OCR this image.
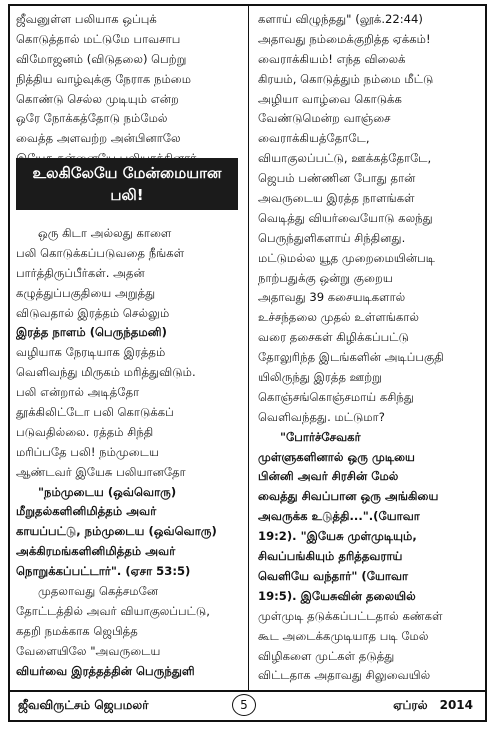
ஜீவனுள்ள பலியாக ஒப்புக்
கொடுத்தால் மட்டுமே பாவசாப
விமோஜனம் (விடுதலை) பெற்று
நித்திய வாழ்வுக்கு நேராக நம்மை
கொண்டு செல்ல முடியும் என்ற
ஒரே நோக்கத்தோடு நம்மேல்
வைத்த அளவற்ற அன்பினாலே
உலகிலேயே மேன்மையான
பலி!
ஒரு கிடா அல்லது காளை
பலி கொடுக்கப்படுவதை நீங்கள்
பார்த்திருப்பீர்கள். அதன்
கழுத்துப்பகுதியை அறுத்து
விடுவதால் இரத்தம் செல்லும்
இரத்த நாளம் (பெருந்தமனி)
வழியாக நேரடியாக இரத்தம்
வெளிவந்து மிருகம் மரித்துவிடும்.
பலி என்றால் அடித்தோ
தூக்கிலிட்டோ பலி கொடுக்கப்
படுவதில்லை. ரத்தம் சிந்தி
மரிப்பதே பலி! நம்முடைய
ஆண்டவர் இயேசு பலியானதோ
"நம்முடைய (ஒவ்வொரு)
மீறுதல்களினிமித்தம் அவர்
காயப்பட்டு, நம்முடைய (ஒவ்வொரு)
அக்கிரமங்களினிமித்தம் அவர்
நொறுக்கப்பட்டார்". (ஏசா 53:5)
முதலாவது கெத்சமனே
தோட்டத்தில் அவர் வியாகுலப்பட்டு,
கதறி நமக்காக ஜெபித்த
வேளையிலே "அவருடைய
வியர்வை இரத்தத்தின் பெருந்துளி
களாய் விழுந்தது" (லூக்.22:44)
அதாவது நம்மைக்குறித்த ஏக்கம்!
வைராக்கியம்! எந்த விலைக்
கிரயம், கொடுத்தும் நம்மை மீட்டு
அழியா வாழ்வை கொடுக்க
வேண்டுமென்ற வாஞ்சை
வைராக்கியத்தோடே,
வியாகுலப்பட்டு, ஊக்கத்தோடே,
ஜெபம் பண்ணின போது தான்
அவருடைய இரத்த நாளங்கள்
வெடித்து வியர்வையோடு கலந்து
பெருந்துளிகளாய் சிந்தினது.
மட்டுமல்ல யூத முறைமையின்படி
நாற்பதுக்கு ஒன்று குறைய
அதாவது 39 கசையடிகளால்
உச்சந்தலை முதல் உள்ளங்கால்
வரை தசைகள் கிழிக்கப்பட்டு
தோலுரிந்த இடங்களின் அடிப்பகுதி
யிலிருந்து இரத்த ஊற்று
கொஞ்சங்கொஞ்சமாய் கசிந்து
வெளிவந்தது. மட்டுமா?
"போர்ச்சேவகர்
முள்ளுகளினால் ஒரு முடியை
பின்னி அவர் சிரசின் மேல்
வைத்து சிவப்பான ஒரு அங்கியை
அவருக்க உடுத்தி...".(யோவா
19:2). "இயேசு முள்முடியும்,
சிவப்பங்கியும் தரித்தவராய்
வெளியே வந்தார்" (யோவா
19:5). இயேசுவின் தலையில்
முள்முடி தடுக்கப்பட்டதால் கண்கள்
கூட அடைக்கமுடியாத படி மேல்
விழிகளை முட்கள் தடுத்து
விட்டதாக அதாவது சிலுவையில்
ஜீவவிருட்சம் ஜெபமலர்	5	ஏப்ரல் 2014
